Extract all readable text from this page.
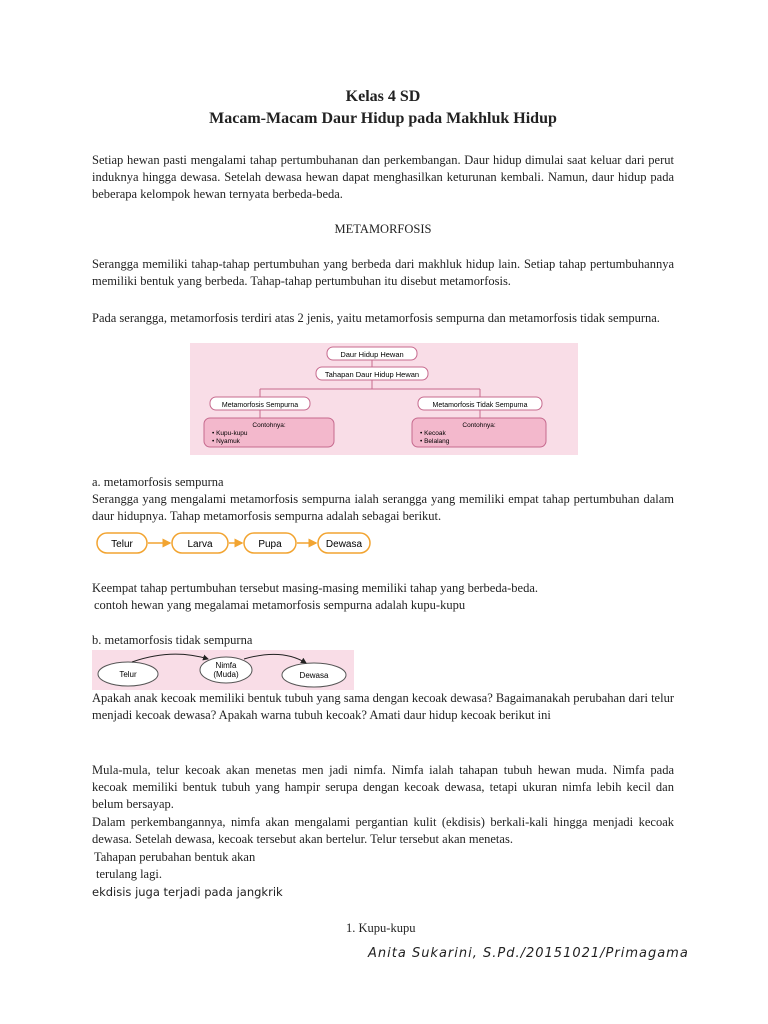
Kelas 4 SD
Macam-Macam Daur Hidup pada Makhluk Hidup

Setiap hewan pasti mengalami tahap pertumbuhanan dan perkembangan. Daur hidup dimulai saat keluar dari perut induknya hingga dewasa. Setelah dewasa hewan dapat menghasilkan keturunan kembali. Namun, daur hidup pada beberapa kelompok hewan ternyata berbeda-beda.

METAMORFOSIS

Serangga memiliki tahap-tahap pertumbuhan yang berbeda dari makhluk hidup lain. Setiap tahap pertumbuhannya memiliki bentuk yang berbeda. Tahap-tahap pertumbuhan itu disebut metamorfosis.

Pada serangga, metamorfosis terdiri atas 2 jenis, yaitu metamorfosis sempurna dan metamorfosis tidak sempurna.

Daur Hidup Hewan
Tahapan Daur Hidup Hewan
Metamorfosis Sempurna	Metamorfosis Tidak Sempurna
Contohnya:
• Kupu-kupu
• Nyamuk
Contohnya:
• Kecoak
• Belalang
a. metamorfosis sempurna

Serangga yang mengalami metamorfosis sempurna ialah serangga yang memiliki empat tahap pertumbuhan dalam daur hidupnya. Tahap metamorfosis sempurna adalah sebagai berikut.

Telur	Larva	Pupa	Dewasa
Keempat tahap pertumbuhan tersebut masing-masing memiliki tahap yang berbeda-beda.
contoh hewan yang megalamai metamorfosis sempurna adalah kupu-kupu
b. metamorfosis tidak sempurna
Telur
Nimfa
(Muda)	Dewasa

Apakah anak kecoak memiliki bentuk tubuh yang sama dengan kecoak dewasa? Bagaimanakah perubahan dari telur menjadi kecoak dewasa? Apakah warna tubuh kecoak? Amati daur hidup kecoak berikut ini

Mula-mula, telur kecoak akan menetas men jadi nimfa. Nimfa ialah tahapan tubuh hewan muda. Nimfa pada kecoak memiliki bentuk tubuh yang hampir serupa dengan kecoak dewasa, tetapi ukuran nimfa lebih kecil dan belum bersayap.

Dalam perkembangannya, nimfa akan mengalami pergantian kulit (ekdisis) berkali-kali hingga menjadi kecoak dewasa. Setelah dewasa, kecoak tersebut akan bertelur. Telur tersebut akan menetas.

Tahapan perubahan bentuk akan
terulang lagi.
ekdisis juga terjadi pada jangkrik
1. Kupu-kupu
Anita Sukarini, S.Pd./20151021/Primagama
